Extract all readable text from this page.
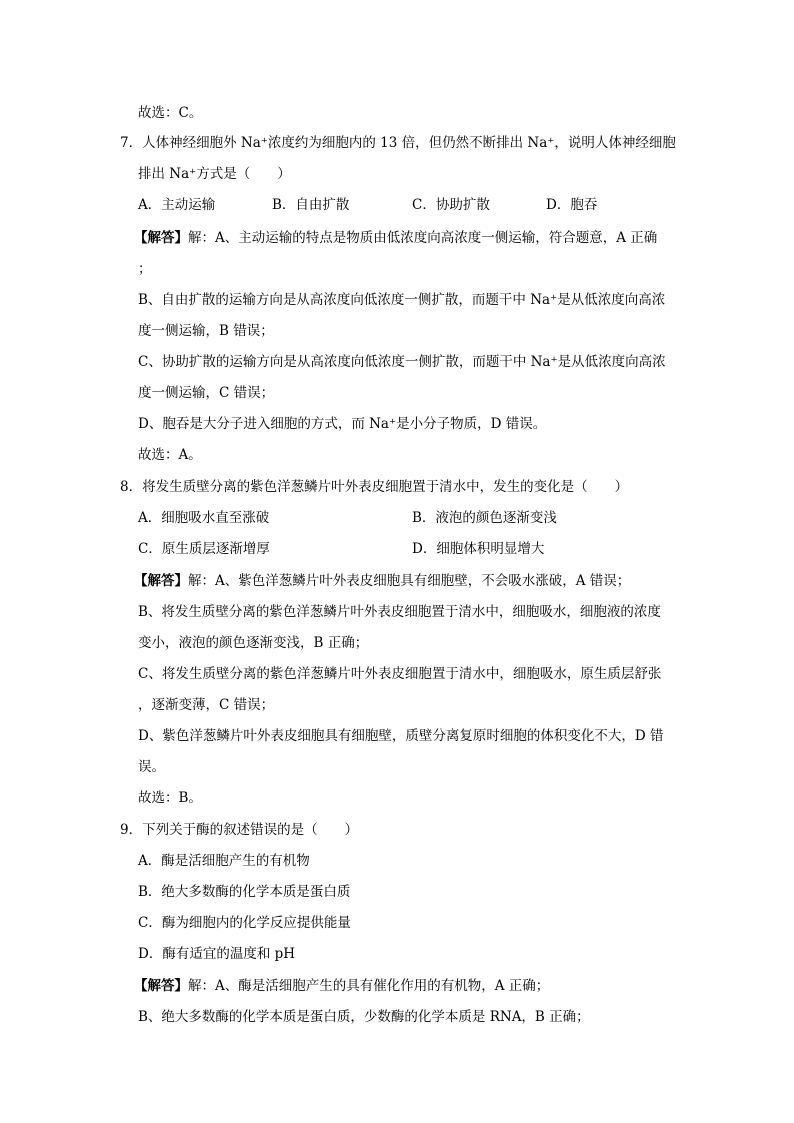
故选：C。
7．人体神经细胞外 Na⁺浓度约为细胞内的 13 倍，但仍然不断排出 Na⁺，说明人体神经细胞
排出 Na⁺方式是（　　）
A．主动运输	B．自由扩散	C．协助扩散	D．胞吞
【解答】解：A、主动运输的特点是物质由低浓度向高浓度一侧运输，符合题意，A 正确
；
B、自由扩散的运输方向是从高浓度向低浓度一侧扩散，而题干中 Na⁺是从低浓度向高浓
度一侧运输，B 错误；
C、协助扩散的运输方向是从高浓度向低浓度一侧扩散，而题干中 Na⁺是从低浓度向高浓
度一侧运输，C 错误；
D、胞吞是大分子进入细胞的方式，而 Na⁺是小分子物质，D 错误。
故选：A。
8．将发生质壁分离的紫色洋葱鳞片叶外表皮细胞置于清水中，发生的变化是（　　）
A．细胞吸水直至涨破	B．液泡的颜色逐渐变浅
C．原生质层逐渐增厚	D．细胞体积明显增大
【解答】解：A、紫色洋葱鳞片叶外表皮细胞具有细胞壁，不会吸水涨破，A 错误；
B、将发生质壁分离的紫色洋葱鳞片叶外表皮细胞置于清水中，细胞吸水，细胞液的浓度
变小，液泡的颜色逐渐变浅，B 正确；
C、将发生质壁分离的紫色洋葱鳞片叶外表皮细胞置于清水中，细胞吸水，原生质层舒张
，逐渐变薄，C 错误；
D、紫色洋葱鳞片叶外表皮细胞具有细胞壁，质壁分离复原时细胞的体积变化不大，D 错
误。
故选：B。
9．下列关于酶的叙述错误的是（　　）
A．酶是活细胞产生的有机物
B．绝大多数酶的化学本质是蛋白质
C．酶为细胞内的化学反应提供能量
D．酶有适宜的温度和 pH
【解答】解：A、酶是活细胞产生的具有催化作用的有机物，A 正确；
B、绝大多数酶的化学本质是蛋白质，少数酶的化学本质是 RNA，B 正确；
